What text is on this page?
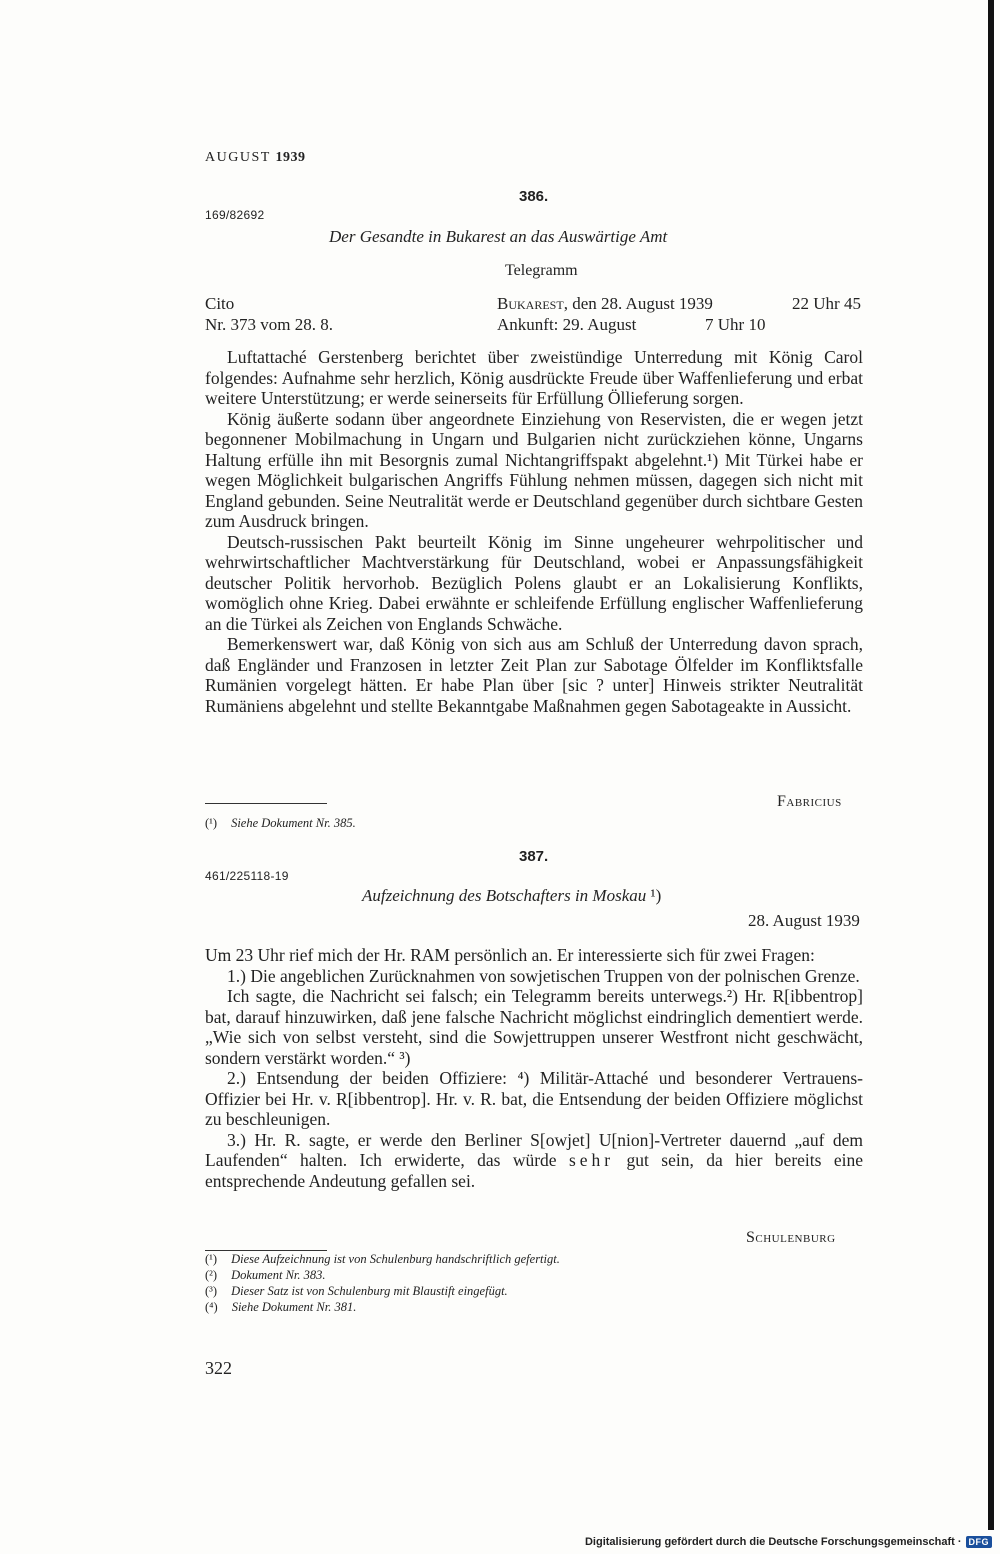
AUGUST 1939
386.
169/82692
Der Gesandte in Bukarest an das Auswärtige Amt
Telegramm
Cito
Nr. 373 vom 28. 8.
Bukarest, den 28. August 1939	22 Uhr 45
Ankunft: 29. August	7 Uhr 10

Luftattaché Gerstenberg berichtet über zweistündige Unterredung mit König Carol folgendes: Aufnahme sehr herzlich, König ausdrückte Freude über Waffenlieferung und erbat weitere Unterstützung; er werde seinerseits für Erfüllung Öllieferung sorgen.

König äußerte sodann über angeordnete Einziehung von Reservisten, die er wegen jetzt begonnener Mobilmachung in Ungarn und Bulgarien nicht zurückziehen könne, Ungarns Haltung erfülle ihn mit Besorgnis zumal Nichtangriffspakt abgelehnt.¹) Mit Türkei habe er wegen Möglichkeit bulgarischen Angriffs Fühlung nehmen müssen, dagegen sich nicht mit England gebunden. Seine Neutralität werde er Deutschland gegenüber durch sichtbare Gesten zum Ausdruck bringen.

Deutsch-russischen Pakt beurteilt König im Sinne ungeheurer wehrpolitischer und wehrwirtschaftlicher Machtverstärkung für Deutschland, wobei er Anpassungsfähigkeit deutscher Politik hervorhob. Bezüglich Polens glaubt er an Lokalisierung Konflikts, womöglich ohne Krieg. Dabei erwähnte er schleifende Erfüllung englischer Waffenlieferung an die Türkei als Zeichen von Englands Schwäche.

Bemerkenswert war, daß König von sich aus am Schluß der Unterredung davon sprach, daß Engländer und Franzosen in letzter Zeit Plan zur Sabotage Ölfelder im Konfliktsfalle Rumänien vorgelegt hätten. Er habe Plan über [sic ? unter] Hinweis strikter Neutralität Rumäniens abgelehnt und stellte Bekanntgabe Maßnahmen gegen Sabotageakte in Aussicht.

Fabricius
(¹) Siehe Dokument Nr. 385.
387.
461/225118-19
Aufzeichnung des Botschafters in Moskau ¹)
28. August 1939

Um 23 Uhr rief mich der Hr. RAM persönlich an. Er interessierte sich für zwei Fragen:

1.) Die angeblichen Zurücknahmen von sowjetischen Truppen von der polnischen Grenze.

Ich sagte, die Nachricht sei falsch; ein Telegramm bereits unterwegs.²) Hr. R[ibbentrop] bat, darauf hinzuwirken, daß jene falsche Nachricht möglichst eindringlich dementiert werde. „Wie sich von selbst versteht, sind die Sowjettruppen unserer Westfront nicht geschwächt, sondern verstärkt worden.“ ³)

2.) Entsendung der beiden Offiziere: ⁴) Militär-Attaché und besonderer Vertrauens-Offizier bei Hr. v. R[ibbentrop]. Hr. v. R. bat, die Entsendung der beiden Offiziere möglichst zu beschleunigen.

3.) Hr. R. sagte, er werde den Berliner S[owjet] U[nion]-Vertreter dauernd „auf dem Laufenden“ halten. Ich erwiderte, das würde sehr gut sein, da hier bereits eine entsprechende Andeutung gefallen sei.

Schulenburg
(¹) Diese Aufzeichnung ist von Schulenburg handschriftlich gefertigt.
(²) Dokument Nr. 383.
(³) Dieser Satz ist von Schulenburg mit Blaustift eingefügt.
(⁴) Siehe Dokument Nr. 381.
322
Digitalisierung gefördert durch die Deutsche Forschungsgemeinschaft · DFG
